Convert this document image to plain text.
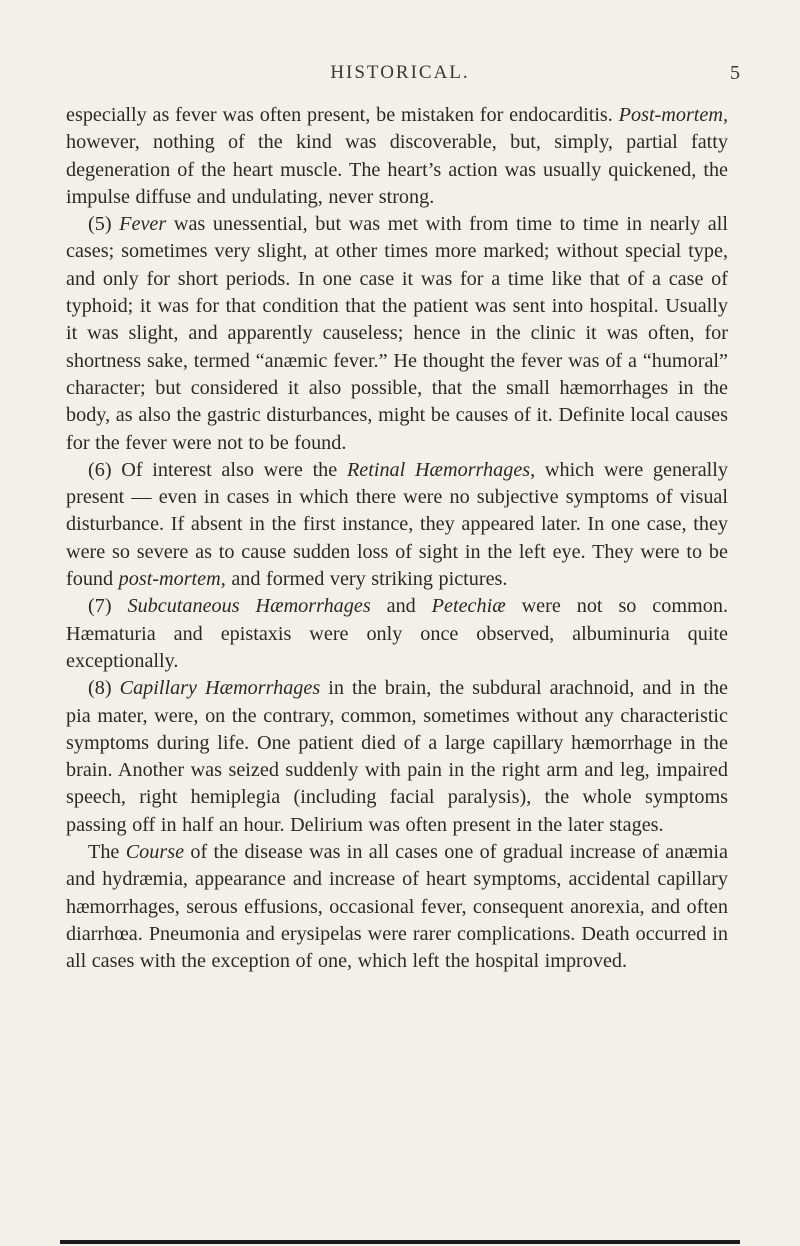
HISTORICAL.	5

especially as fever was often present, be mistaken for endocarditis. Post-mortem, however, nothing of the kind was discoverable, but, simply, partial fatty degeneration of the heart muscle. The heart’s action was usually quickened, the impulse diffuse and undulating, never strong.

(5) Fever was unessential, but was met with from time to time in nearly all cases; sometimes very slight, at other times more marked; without special type, and only for short periods. In one case it was for a time like that of a case of typhoid; it was for that condition that the patient was sent into hospital. Usually it was slight, and apparently causeless; hence in the clinic it was often, for shortness sake, termed “anæmic fever.” He thought the fever was of a “humoral” character; but considered it also possible, that the small hæmorrhages in the body, as also the gastric disturbances, might be causes of it. Definite local causes for the fever were not to be found.

(6) Of interest also were the Retinal Hæmorrhages, which were generally present — even in cases in which there were no subjective symptoms of visual disturbance. If absent in the first instance, they appeared later. In one case, they were so severe as to cause sudden loss of sight in the left eye. They were to be found post-mortem, and formed very striking pictures.

(7) Subcutaneous Hæmorrhages and Petechiæ were not so common. Hæmaturia and epistaxis were only once observed, albuminuria quite exceptionally.

(8) Capillary Hæmorrhages in the brain, the subdural arachnoid, and in the pia mater, were, on the contrary, common, sometimes without any characteristic symptoms during life. One patient died of a large capillary hæmorrhage in the brain. Another was seized suddenly with pain in the right arm and leg, impaired speech, right hemiplegia (including facial paralysis), the whole symptoms passing off in half an hour. Delirium was often present in the later stages.

The Course of the disease was in all cases one of gradual increase of anæmia and hydræmia, appearance and increase of heart symptoms, accidental capillary hæmorrhages, serous effusions, occasional fever, consequent anorexia, and often diarrhœa. Pneumonia and erysipelas were rarer complications. Death occurred in all cases with the exception of one, which left the hospital improved.
